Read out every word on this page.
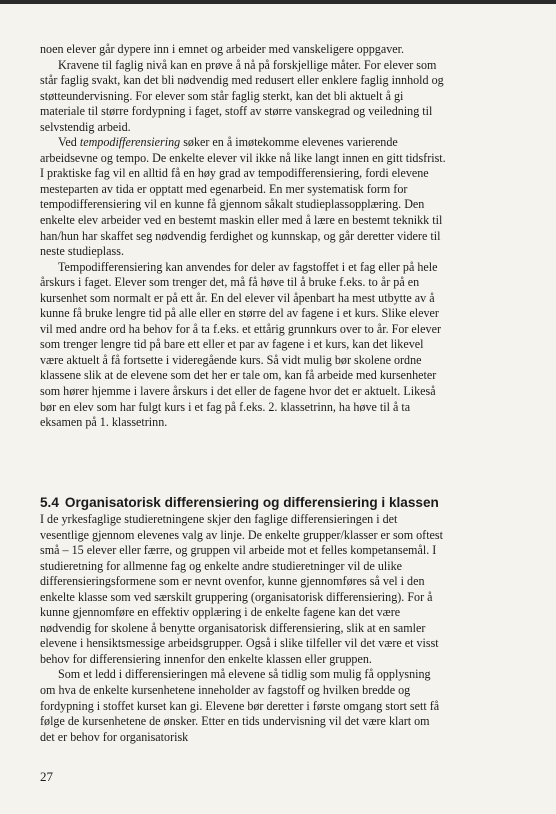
noen elever går dypere inn i emnet og arbeider med vanskeligere oppgaver.

Kravene til faglig nivå kan en prøve å nå på forskjellige måter. For elever som står faglig svakt, kan det bli nødvendig med redusert eller enklere faglig innhold og støtteundervisning. For elever som står faglig sterkt, kan det bli aktuelt å gi materiale til større fordypning i faget, stoff av større vanskegrad og veiledning til selvstendig arbeid.

Ved tempodifferensiering søker en å imøtekomme elevenes varierende arbeidsevne og tempo. De enkelte elever vil ikke nå like langt innen en gitt tidsfrist. I praktiske fag vil en alltid få en høy grad av tempodifferensiering, fordi elevene mesteparten av tida er opptatt med egenarbeid. En mer systematisk form for tempodifferensiering vil en kunne få gjennom såkalt studieplassopplæring. Den enkelte elev arbeider ved en bestemt maskin eller med å lære en bestemt teknikk til han/hun har skaffet seg nødvendig ferdighet og kunnskap, og går deretter videre til neste studieplass.

Tempodifferensiering kan anvendes for deler av fagstoffet i et fag eller på hele årskurs i faget. Elever som trenger det, må få høve til å bruke f.eks. to år på en kursenhet som normalt er på ett år. En del elever vil åpenbart ha mest utbytte av å kunne få bruke lengre tid på alle eller en større del av fagene i et kurs. Slike elever vil med andre ord ha behov for å ta f.eks. et ettårig grunnkurs over to år. For elever som trenger lengre tid på bare ett eller et par av fagene i et kurs, kan det likevel være aktuelt å få fortsette i videregående kurs. Så vidt mulig bør skolene ordne klassene slik at de elevene som det her er tale om, kan få arbeide med kursenheter som hører hjemme i lavere årskurs i det eller de fagene hvor det er aktuelt. Likeså bør en elev som har fulgt kurs i et fag på f.eks. 2. klassetrinn, ha høve til å ta eksamen på 1. klassetrinn.

5.4 Organisatorisk differensiering og differensiering i klassen

I de yrkesfaglige studieretningene skjer den faglige differensieringen i det vesentlige gjennom elevenes valg av linje. De enkelte grupper/klasser er som oftest små – 15 elever eller færre, og gruppen vil arbeide mot et felles kompetansemål. I studieretning for allmenne fag og enkelte andre studieretninger vil de ulike differensieringsformene som er nevnt ovenfor, kunne gjennomføres så vel i den enkelte klasse som ved særskilt gruppering (organisatorisk differensiering). For å kunne gjennomføre en effektiv opplæring i de enkelte fagene kan det være nødvendig for skolene å benytte organisatorisk differensiering, slik at en samler elevene i hensiktsmessige arbeidsgrupper. Også i slike tilfeller vil det være et visst behov for differensiering innenfor den enkelte klassen eller gruppen.

Som et ledd i differensieringen må elevene så tidlig som mulig få opplysning om hva de enkelte kursenhetene inneholder av fagstoff og hvilken bredde og fordypning i stoffet kurset kan gi. Elevene bør deretter i første omgang stort sett få følge de kursenhetene de ønsker. Etter en tids undervisning vil det være klart om det er behov for organisatorisk

27
